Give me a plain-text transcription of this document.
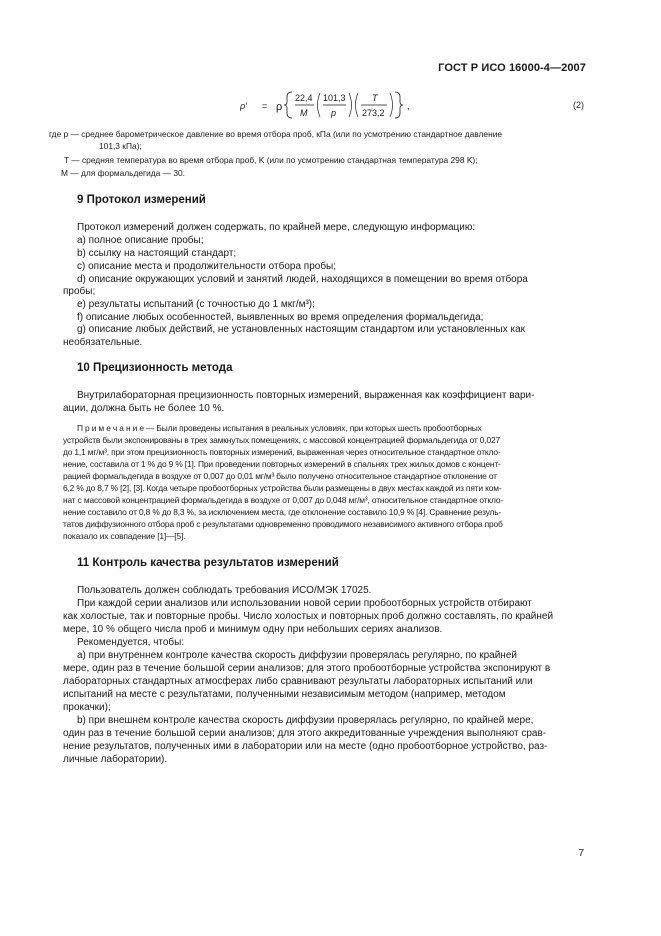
ГОСТ Р ИСО 16000-4—2007
ρ′ = ρ
22,4
M
101,3
p
T
273,2
,	(2)

где p — среднее барометрическое давление во время отбора проб, кПа (или по усмотрению стандартное давление

101,3 кПа);

T — средняя температура во время отбора проб, K (или по усмотрению стандартная температура 298 K);

M — для формальдегида — 30.

9 Протокол измерений

Протокол измерений должен содержать, по крайней мере, следующую информацию:

a) полное описание пробы;

b) ссылку на настоящий стандарт;

c) описание места и продолжительности отбора пробы;

d) описание окружающих условий и занятий людей, находящихся в помещении во время отбора

пробы;

e) результаты испытаний (с точностью до 1 мкг/м³);

f) описание любых особенностей, выявленных во время определения формальдегида;

g) описание любых действий, не установленных настоящим стандартом или установленных как

необязательные.

10 Прецизионность метода

Внутрилабораторная прецизионность повторных измерений, выраженная как коэффициент вари-

ации, должна быть не более 10 %.

П р и м е ч а н и е — Были проведены испытания в реальных условиях, при которых шесть пробоотборных

устройств были экспонированы в трех замкнутых помещениях, с массовой концентрацией формальдегида от 0,027

до 1,1 мг/м³, при этом прецизионность повторных измерений, выраженная через относительное стандартное откло-

нение, составила от 1 % до 9 % [1]. При проведении повторных измерений в спальнях трех жилых домов с концент-

рацией формальдегида в воздухе от 0,007 до 0,01 мг/м³ было получено относительное стандартное отклонение от

6,2 % до 8,7 % [2], [3]. Когда четыре пробоотборных устройства были размещены в двух местах каждой из пяти ком-

нат с массовой концентрацией формальдегида в воздухе от 0,007 до 0,048 мг/м³, относительное стандартное откло-

нение составило от 0,8 % до 8,3 %, за исключением места, где отклонение составило 10,9 % [4]. Сравнение резуль-

татов диффузионного отбора проб с результатами одновременно проводимого независимого активного отбора проб

показало их совпадение [1]—[5].

11 Контроль качества результатов измерений

Пользователь должен соблюдать требования ИСО/МЭК 17025.

При каждой серии анализов или использовании новой серии пробоотборных устройств отбирают

как холостые, так и повторные пробы. Число холостых и повторных проб должно составлять, по крайней

мере, 10 % общего числа проб и минимум одну при небольших сериях анализов.

Рекомендуется, чтобы:

a) при внутреннем контроле качества скорость диффузии проверялась регулярно, по крайней

мере, один раз в течение большой серии анализов; для этого пробоотборные устройства экспонируют в

лабораторных стандартных атмосферах либо сравнивают результаты лабораторных испытаний или

испытаний на месте с результатами, полученными независимым методом (например, методом

прокачки);

b) при внешнем контроле качества скорость диффузии проверялась регулярно, по крайней мере,

один раз в течение большой серии анализов; для этого аккредитованные учреждения выполняют срав-

нение результатов, полученных ими в лаборатории или на месте (одно пробоотборное устройство, раз-

личные лаборатории).

7
